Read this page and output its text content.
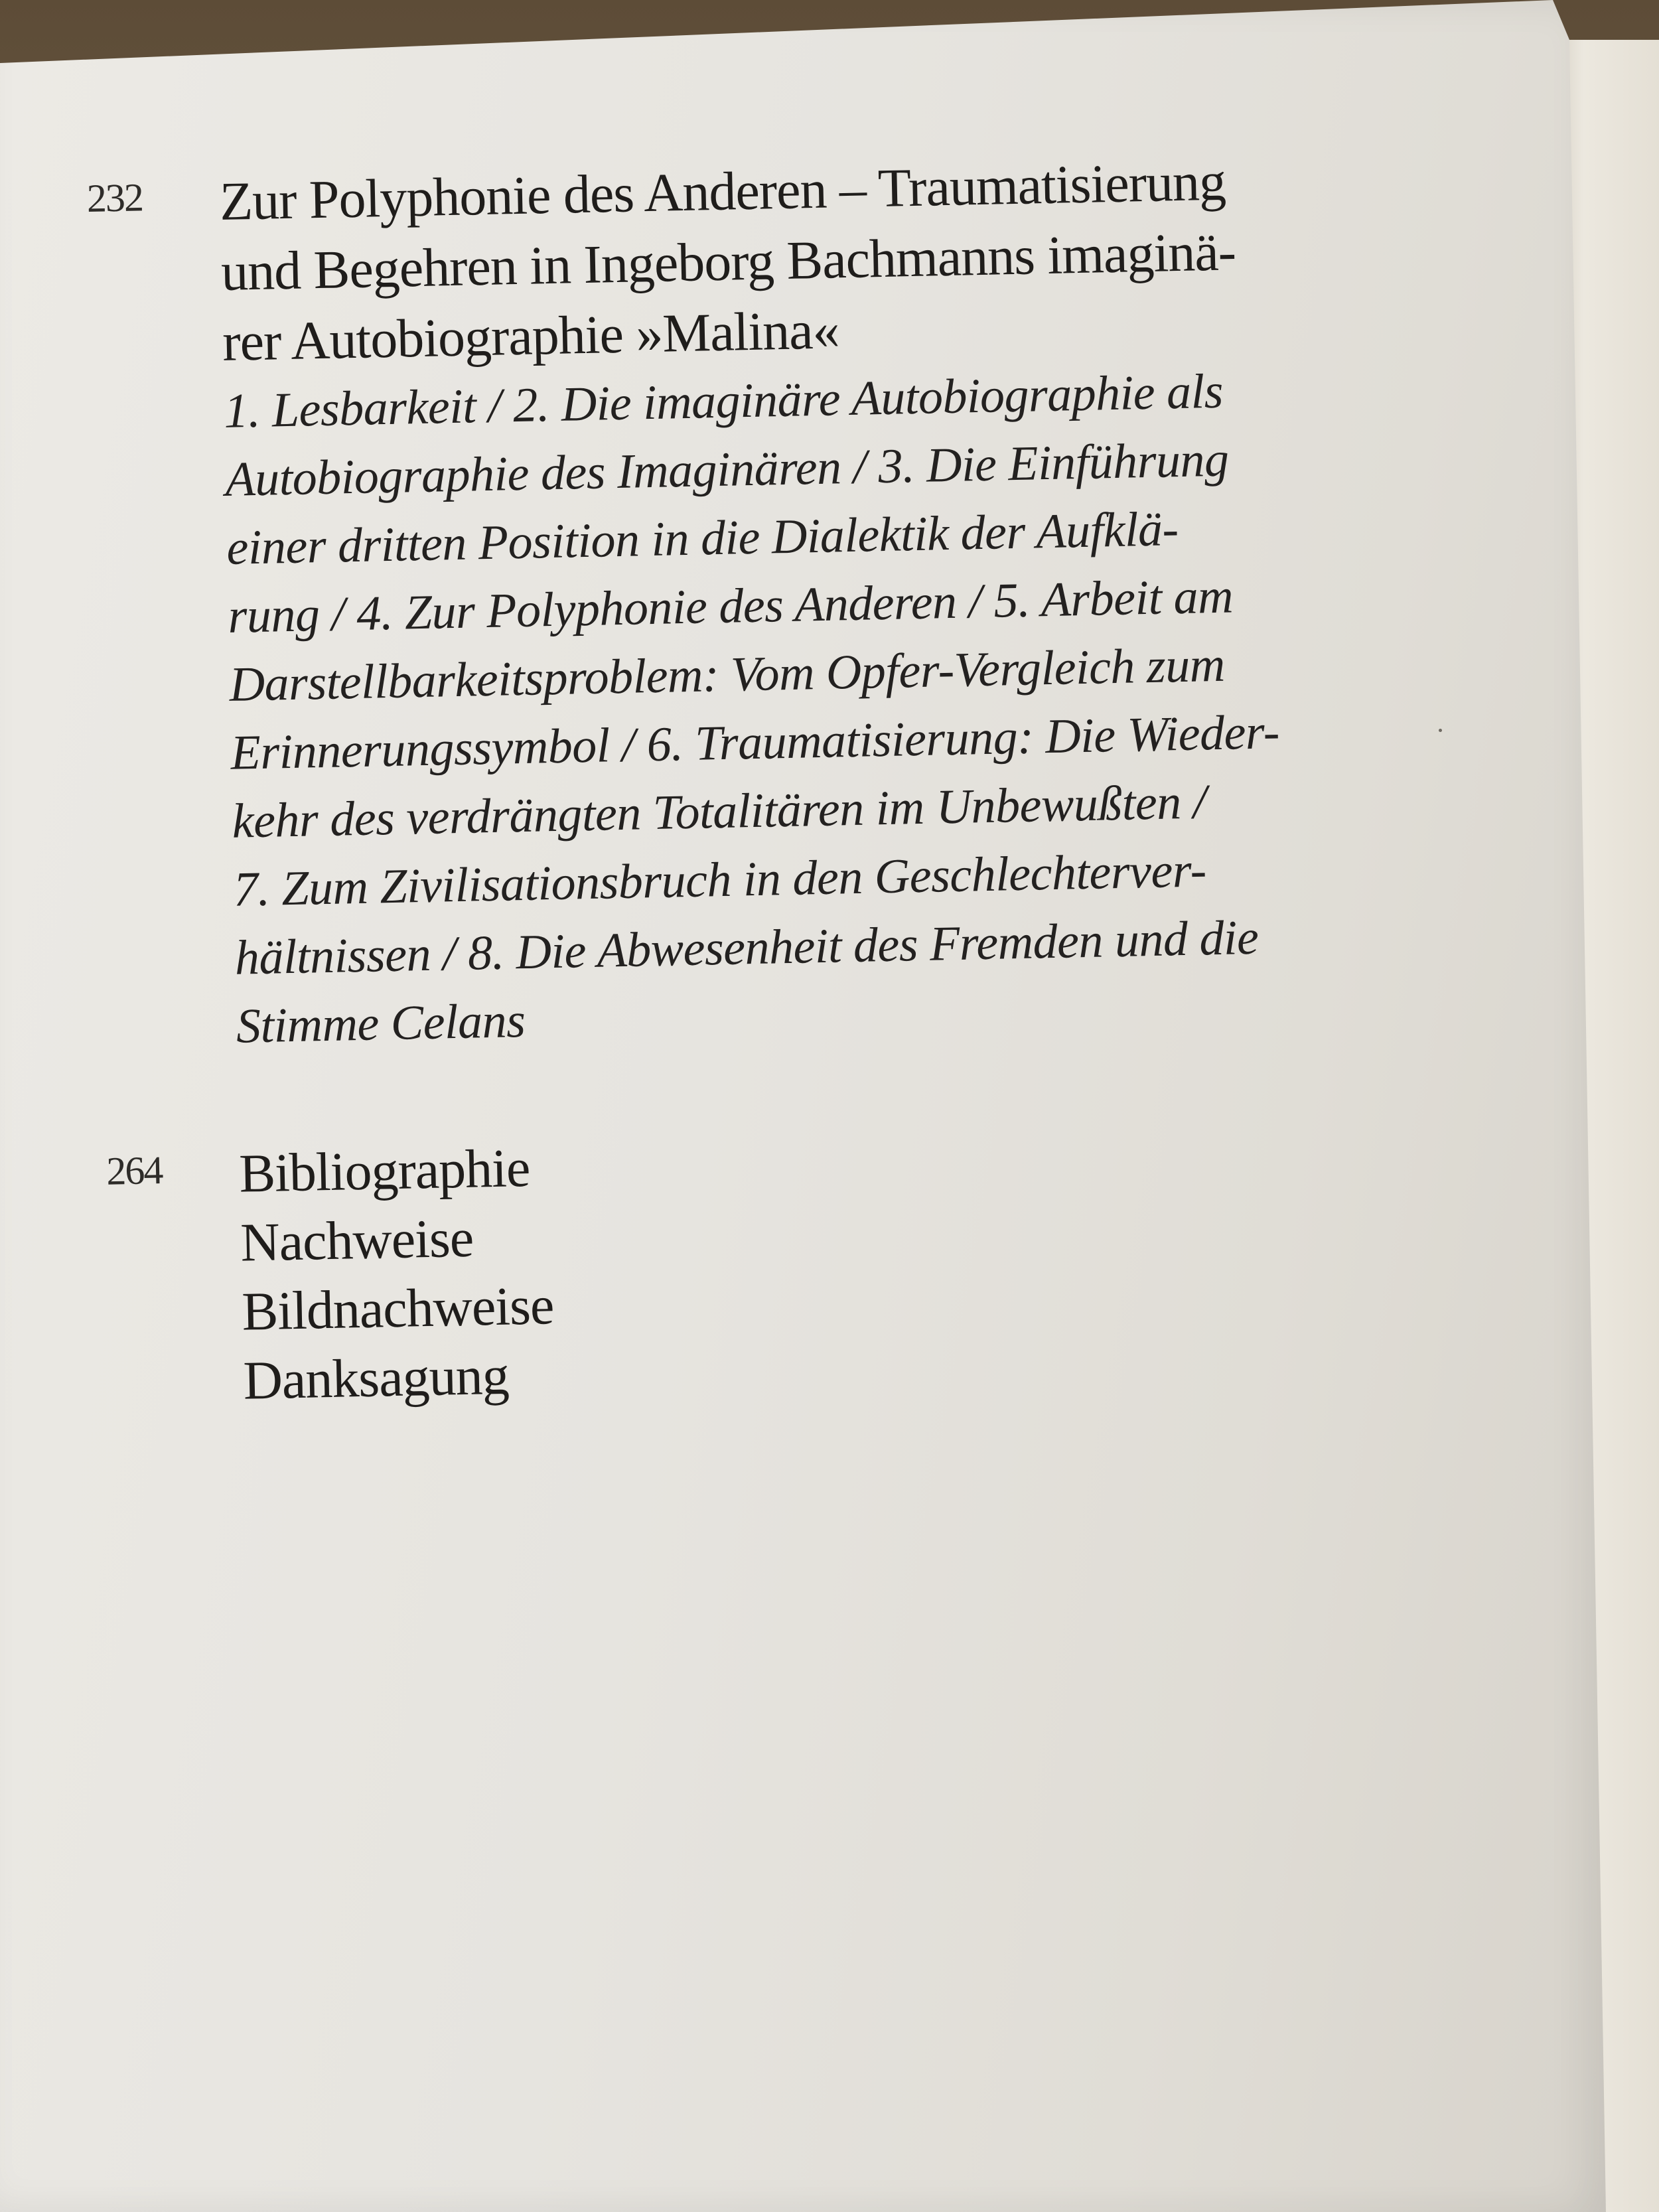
232 Zur Polyphonie des Anderen – Traumatisierung
und Begehren in Ingeborg Bachmanns imaginä-
rer Autobiographie »Malina«
1. Lesbarkeit / 2. Die imaginäre Autobiographie als
Autobiographie des Imaginären / 3. Die Einführung
einer dritten Position in die Dialektik der Aufklä-
rung / 4. Zur Polyphonie des Anderen / 5. Arbeit am
Darstellbarkeitsproblem: Vom Opfer-Vergleich zum
Erinnerungssymbol / 6. Traumatisierung: Die Wieder-
kehr des verdrängten Totalitären im Unbewußten /
7. Zum Zivilisationsbruch in den Geschlechterver-
hältnissen / 8. Die Abwesenheit des Fremden und die
Stimme Celans
264 Bibliographie
Nachweise
Bildnachweise
Danksagung
